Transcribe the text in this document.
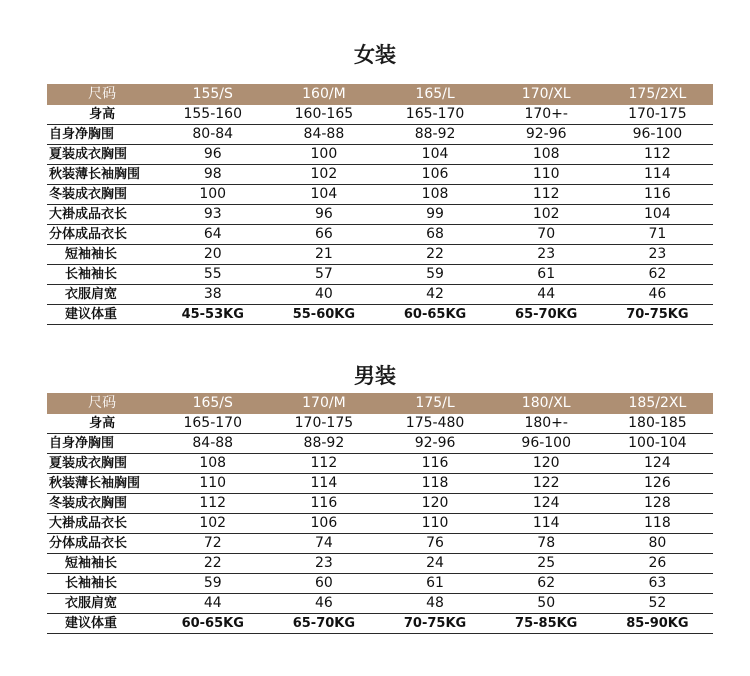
女装
尺码	155/S	160/M	165/L	170/XL	175/2XL
身高	155-160	160-165	165-170	170+-	170-175
自身净胸围	80-84	84-88	88-92	92-96	96-100
夏装成衣胸围	96	100	104	108	112
秋装薄长袖胸围	98	102	106	110	114
冬装成衣胸围	100	104	108	112	116
大褂成品衣长	93	96	99	102	104
分体成品衣长	64	66	68	70	71
短袖袖长	20	21	22	23	23
长袖袖长	55	57	59	61	62
衣服肩宽	38	40	42	44	46
建议体重	45-53KG	55-60KG	60-65KG	65-70KG	70-75KG
男装
尺码	165/S	170/M	175/L	180/XL	185/2XL
身高	165-170	170-175	175-480	180+-	180-185
自身净胸围	84-88	88-92	92-96	96-100	100-104
夏装成衣胸围	108	112	116	120	124
秋装薄长袖胸围	110	114	118	122	126
冬装成衣胸围	112	116	120	124	128
大褂成品衣长	102	106	110	114	118
分体成品衣长	72	74	76	78	80
短袖袖长	22	23	24	25	26
长袖袖长	59	60	61	62	63
衣服肩宽	44	46	48	50	52
建议体重	60-65KG	65-70KG	70-75KG	75-85KG	85-90KG
